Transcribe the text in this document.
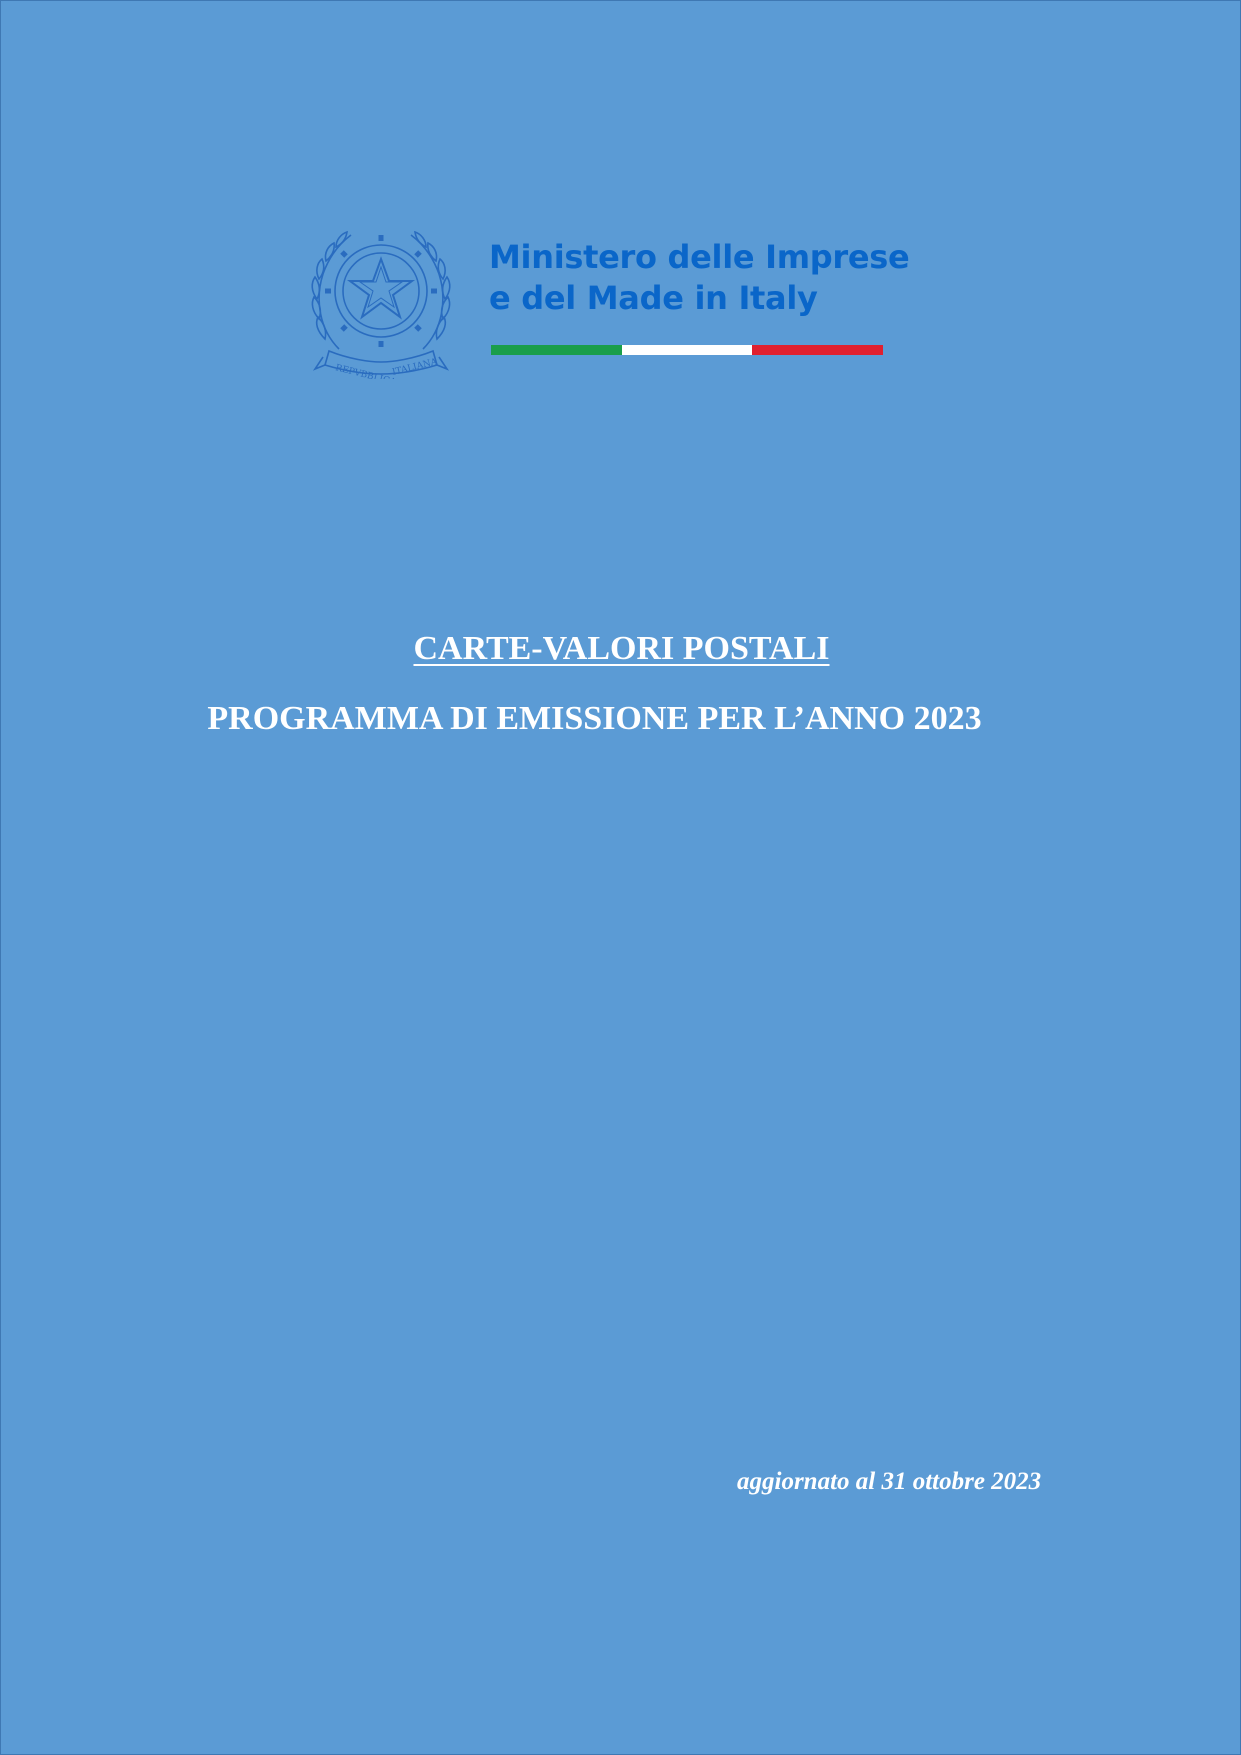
REPVBBLICA
ITALIANA
Ministero delle Imprese
e del Made in Italy
CARTE-VALORI POSTALI
PROGRAMMA DI EMISSIONE PER L’ANNO 2023
aggiornato al 31 ottobre 2023
